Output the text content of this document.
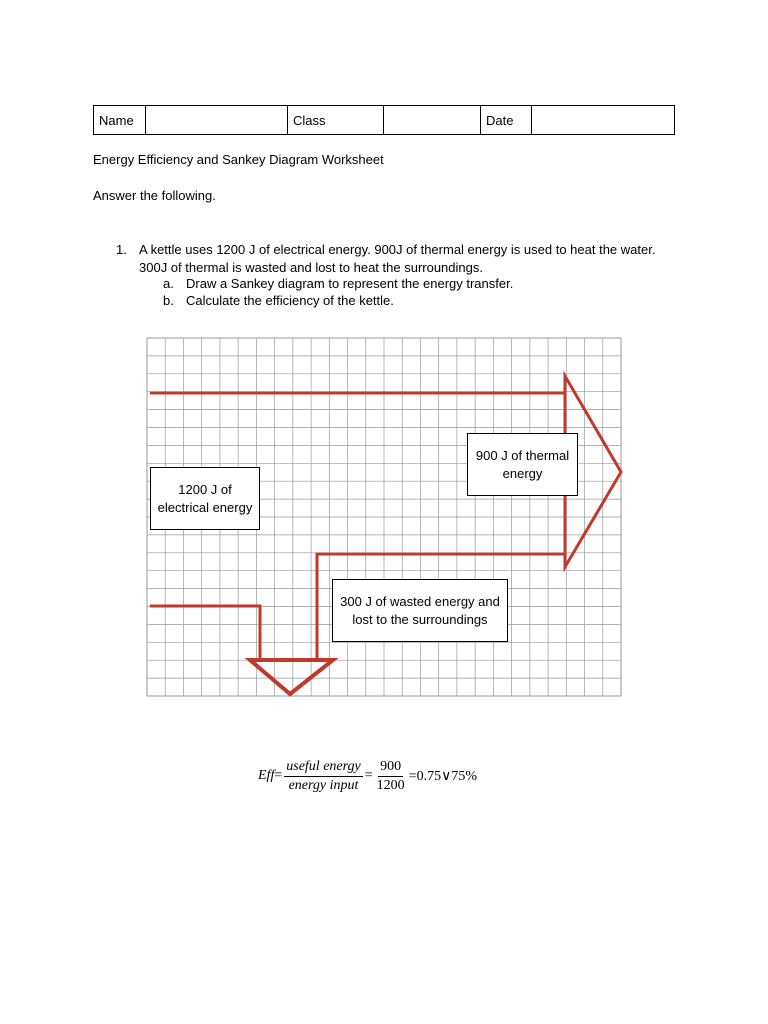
Name		Class		Date	

Energy Efficiency and Sankey Diagram Worksheet

Answer the following.

1. A kettle uses 1200 J of electrical energy. 900J of thermal energy is used to heat the water. 300J of thermal is wasted and lost to heat the surroundings.
a. Draw a Sankey diagram to represent the energy transfer.
b. Calculate the efficiency of the kettle.
1200 J of electrical energy
900 J of thermal energy
300 J of wasted energy and lost to the surroundings
Eff = $\frac{\text{useful energy}}{\text{energy input}} = \frac{900}{1200}$ =0.75∨75%
